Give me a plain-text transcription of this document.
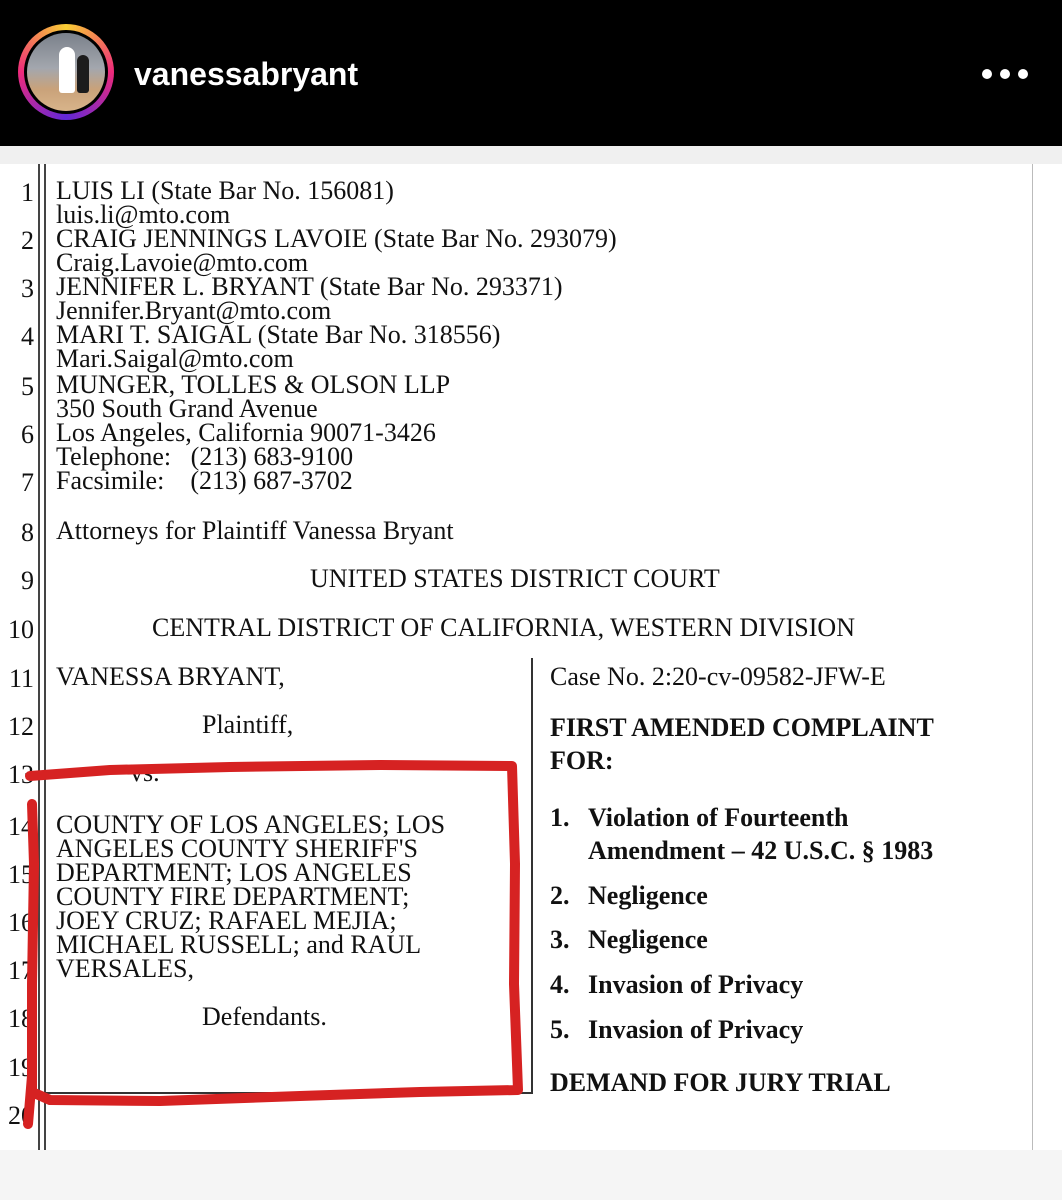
vanessabryant
1
2
3
4
5
6
7
8
9
10
11
12
13
14
15
16
17
18
19
20
LUIS LI (State Bar No. 156081)
luis.li@mto.com
CRAIG JENNINGS LAVOIE (State Bar No. 293079)
Craig.Lavoie@mto.com
JENNIFER L. BRYANT (State Bar No. 293371)
Jennifer.Bryant@mto.com
MARI T. SAIGAL (State Bar No. 318556)
Mari.Saigal@mto.com
MUNGER, TOLLES & OLSON LLP
350 South Grand Avenue
Los Angeles, California 90071-3426
Telephone:   (213) 683-9100
Facsimile:    (213) 687-3702
Attorneys for Plaintiff Vanessa Bryant
UNITED STATES DISTRICT COURT
CENTRAL DISTRICT OF CALIFORNIA, WESTERN DIVISION
VANESSA BRYANT,
Plaintiff,
vs.
COUNTY OF LOS ANGELES; LOS
ANGELES COUNTY SHERIFF'S
DEPARTMENT; LOS ANGELES
COUNTY FIRE DEPARTMENT;
JOEY CRUZ; RAFAEL MEJIA;
MICHAEL RUSSELL; and RAUL
VERSALES,
Defendants.
Case No. 2:20-cv-09582-JFW-E
FIRST AMENDED COMPLAINT
FOR:
1. Violation of Fourteenth
Amendment – 42 U.S.C. § 1983
2. Negligence
3. Negligence
4. Invasion of Privacy
5. Invasion of Privacy
DEMAND FOR JURY TRIAL
